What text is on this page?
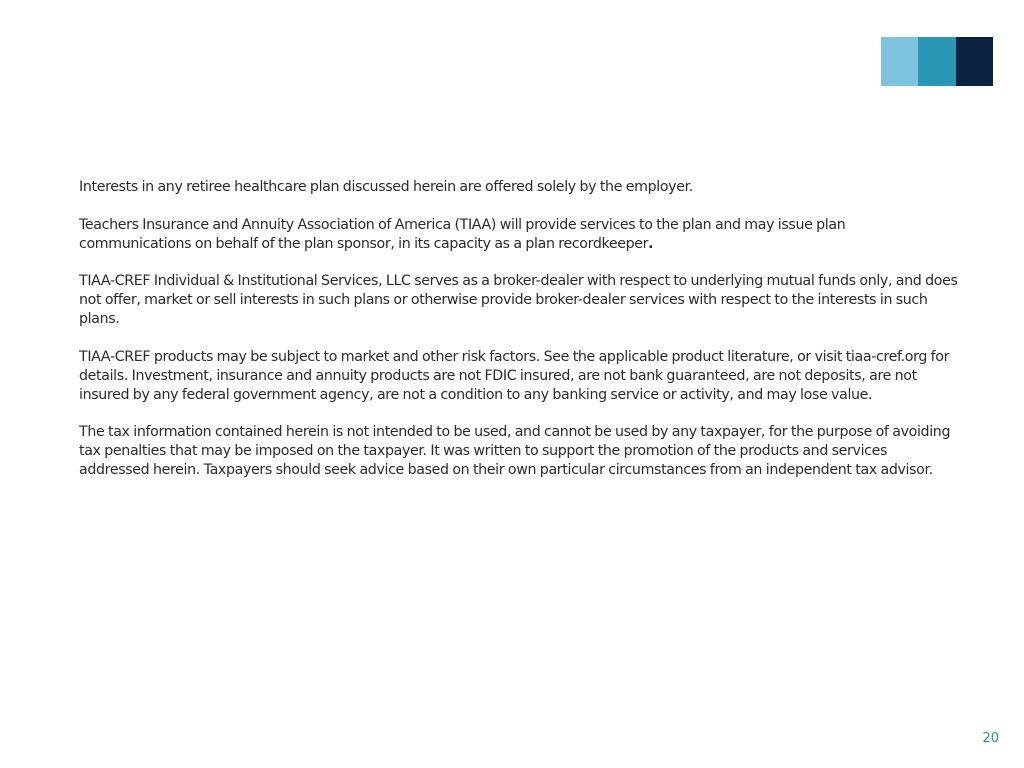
Interests in any retiree healthcare plan discussed herein are offered solely by the employer.

Teachers Insurance and Annuity Association of America (TIAA) will provide services to the plan and may issue plan communications on behalf of the plan sponsor, in its capacity as a plan recordkeeper.

TIAA-CREF Individual & Institutional Services, LLC serves as a broker-dealer with respect to underlying mutual funds only, and does not offer, market or sell interests in such plans or otherwise provide broker-dealer services with respect to the interests in such plans.

TIAA-CREF products may be subject to market and other risk factors. See the applicable product literature, or visit tiaa-cref.org for details. Investment, insurance and annuity products are not FDIC insured, are not bank guaranteed, are not deposits, are not insured by any federal government agency, are not a condition to any banking service or activity, and may lose value.

The tax information contained herein is not intended to be used, and cannot be used by any taxpayer, for the purpose of avoiding tax penalties that may be imposed on the taxpayer. It was written to support the promotion of the products and services addressed herein. Taxpayers should seek advice based on their own particular circumstances from an independent tax advisor.

20
